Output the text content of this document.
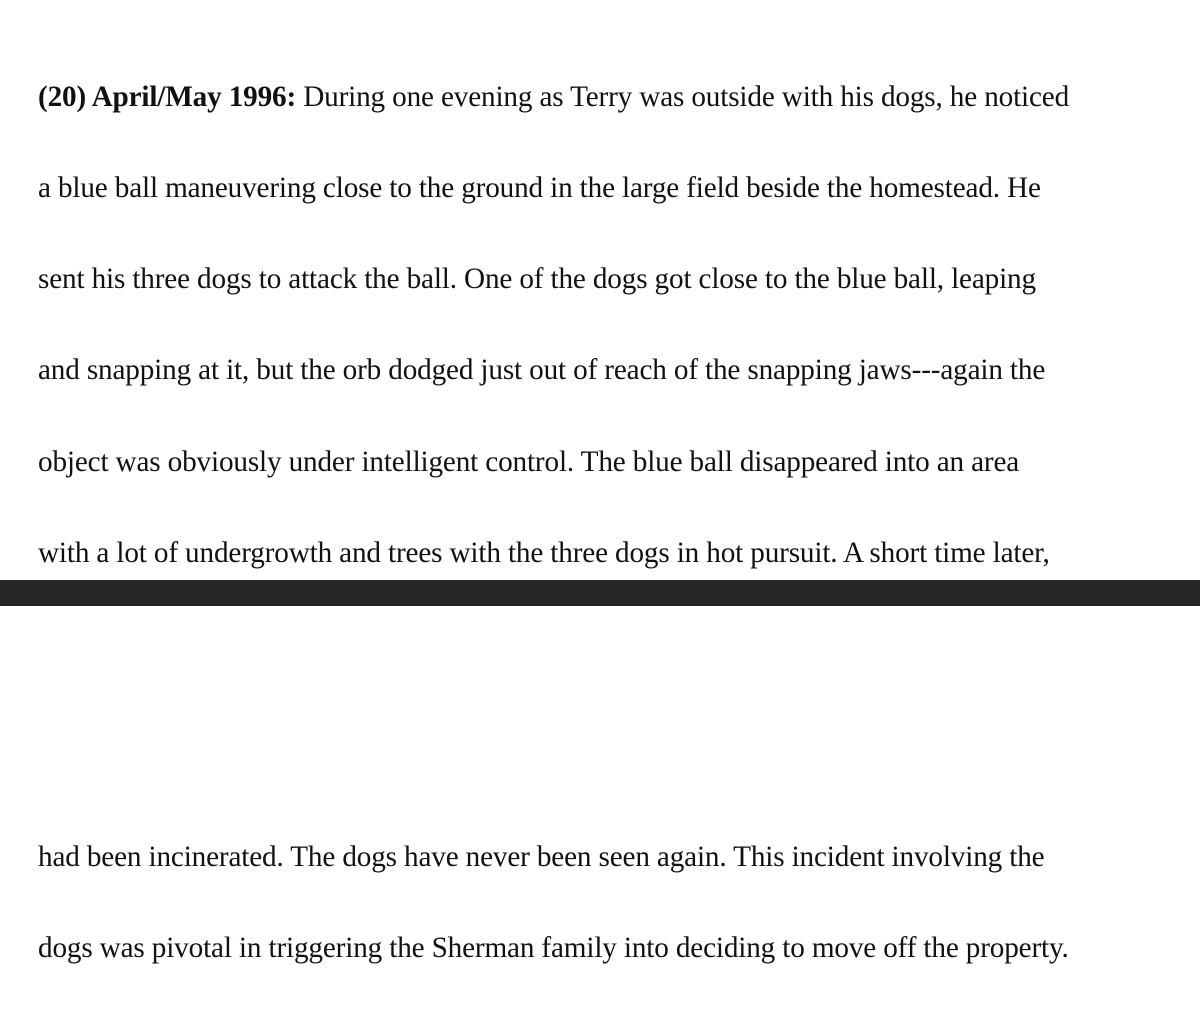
(20) April/May 1996: During one evening as Terry was outside with his dogs, he noticed

a blue ball maneuvering close to the ground in the large field beside the homestead. He

sent his three dogs to attack the ball. One of the dogs got close to the blue ball, leaping

and snapping at it, but the orb dodged just out of reach of the snapping jaws---again the

object was obviously under intelligent control. The blue ball disappeared into an area

with a lot of undergrowth and trees with the three dogs in hot pursuit. A short time later,

had been incinerated. The dogs have never been seen again. This incident involving the

dogs was pivotal in triggering the Sherman family into deciding to move off the property.
